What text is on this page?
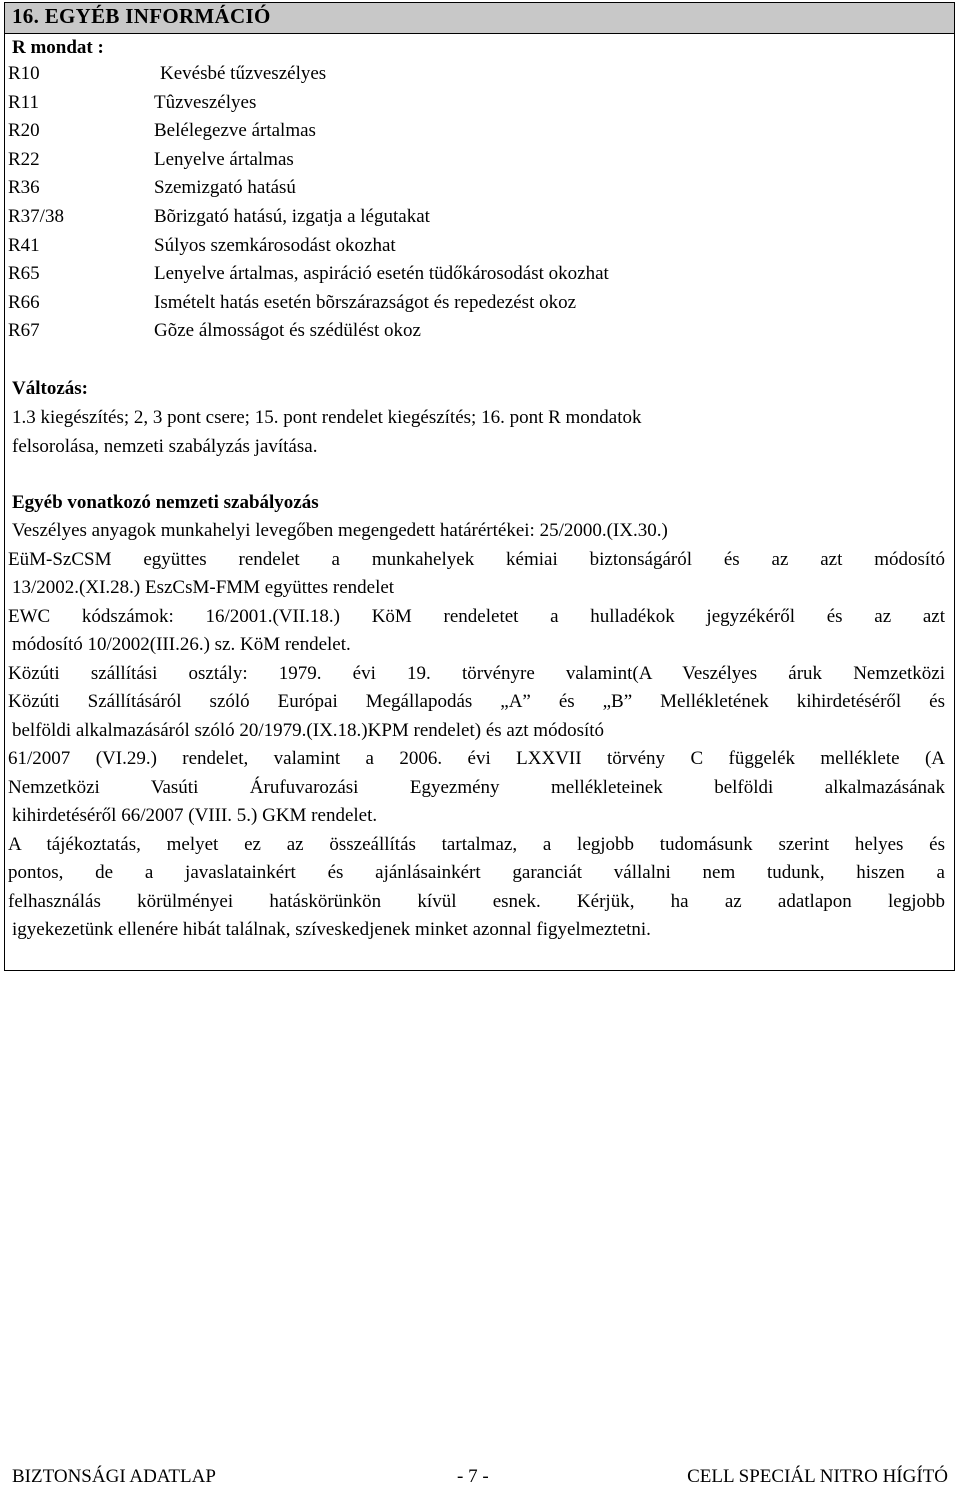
16. EGYÉB INFORMÁCIÓ
R mondat :
R10	Kevésbé tűzveszélyes
R11	Tûzveszélyes
R20	Belélegezve ártalmas
R22	Lenyelve ártalmas
R36	Szemizgató hatású
R37/38	Bõrizgató hatású, izgatja a légutakat
R41	Súlyos szemkárosodást okozhat
R65	Lenyelve ártalmas, aspiráció esetén tüdőkárosodást okozhat
R66	Ismételt hatás esetén bõrszárazságot és repedezést okoz
R67	Gõze álmosságot és szédülést okoz
Változás:
1.3 kiegészítés; 2, 3 pont csere; 15. pont rendelet kiegészítés; 16. pont R mondatok
felsorolása, nemzeti szabályzás javítása.
Egyéb vonatkozó nemzeti szabályozás
Veszélyes anyagok munkahelyi levegőben megengedett határértékei: 25/2000.(IX.30.)
EüM-SzCSM együttes rendelet a munkahelyek kémiai biztonságáról és az azt módosító
13/2002.(XI.28.) EszCsM-FMM együttes rendelet
EWC kódszámok: 16/2001.(VII.18.) KöM rendeletet a hulladékok jegyzékéről és az azt
módosító 10/2002(III.26.) sz. KöM rendelet.
Közúti szállítási osztály: 1979. évi 19. törvényre valamint(A Veszélyes áruk Nemzetközi
Közúti Szállításáról szóló Európai Megállapodás „A” és „B” Mellékletének kihirdetéséről és
belföldi alkalmazásáról szóló 20/1979.(IX.18.)KPM rendelet) és azt módosító
61/2007 (VI.29.) rendelet, valamint a 2006. évi LXXVII törvény C függelék melléklete (A
Nemzetközi Vasúti Árufuvarozási Egyezmény mellékleteinek belföldi alkalmazásának
kihirdetéséről 66/2007 (VIII. 5.) GKM rendelet.
A tájékoztatás, melyet ez az összeállítás tartalmaz, a legjobb tudomásunk szerint helyes és
pontos, de a javaslatainkért és ajánlásainkért garanciát vállalni nem tudunk, hiszen a
felhasználás körülményei hatáskörünkön kívül esnek. Kérjük, ha az adatlapon legjobb
igyekezetünk ellenére hibát találnak, szíveskedjenek minket azonnal figyelmeztetni.
BIZTONSÁGI ADATLAP	- 7 -	CELL SPECIÁL NITRO HÍGÍTÓ
